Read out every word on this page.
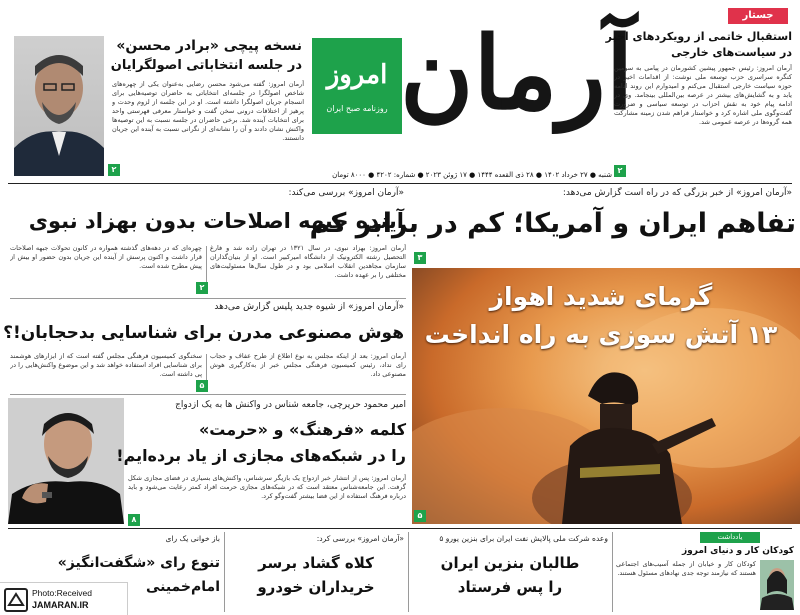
۲
نسخه پیچی «برادر محسن»
در جلسه انتخاباتی اصولگرایان
آرمان امروز: گفته می‌شود محسن رضایی به‌عنوان یکی از چهره‌های شاخص اصولگرا در جلسه‌ای انتخاباتی به حاضران توصیه‌هایی برای انسجام جریان اصولگرا داشته است. او در این جلسه از لزوم وحدت و پرهیز از اختلافات درونی سخن گفت و خواستار معرفی فهرستی واحد برای انتخابات آینده شد. برخی حاضران در جلسه نسبت به این توصیه‌ها واکنش نشان دادند و آن را نشانه‌ای از نگرانی نسبت به آینده این جریان دانستند.
امروز
روزنامه صبح ایران آرمان
شنبه ● ۲۷ خرداد ۱۴۰۲ ● ۲۸ ذی القعده ۱۴۴۴ ● ۱۷ ژوئن ۲۰۲۳ ● شماره: ۴۲۰۲ ● ۸۰۰۰ تومان
جستار
استقبال خاتمی از رویکردهای اخیر
در سیاست‌های خارجی
آرمان امروز: رئیس جمهور پیشین کشورمان در پیامی به سومین کنگره سراسری حزب توسعه ملی نوشت: از اقدامات اخیر در حوزه سیاست خارجی استقبال می‌کنم و امیدوارم این روند ادامه یابد و به گشایش‌های بیشتر در عرصه بین‌المللی بینجامد. وی در ادامه پیام خود به نقش احزاب در توسعه سیاسی و ضرورت گفت‌وگوی ملی اشاره کرد و خواستار فراهم شدن زمینه مشارکت همه گروه‌ها در عرصه عمومی شد.
۲
«آرمان امروز» از خبر بزرگی که در راه است گزارش می‌دهد:
تفاهم ایران و آمریکا؛ کم در برابر کم
۳
گرمای شدید اهواز
۱۳ آتش سوزی به راه انداخت
۵
«آرمان امروز» بررسی می‌کند:
آینده جبهه اصلاحات بدون بهزاد نبوی
آرمان امروز: بهزاد نبوی، در سال ۱۳۲۱ در تهران زاده شد و فارغ التحصیل رشته الکترونیک از دانشگاه امیرکبیر است. او از بنیان‌گذاران سازمان مجاهدین انقلاب اسلامی بود و در طول سال‌ها مسئولیت‌های مختلفی را بر عهده داشت.
چهره‌ای که در دهه‌های گذشته همواره در کانون تحولات جبهه اصلاحات قرار داشت و اکنون پرسش از آینده این جریان بدون حضور او بیش از پیش مطرح شده است.
۲
«آرمان امروز» از شیوه جدید پلیس گزارش می‌دهد
هوش مصنوعی مدرن برای شناسایی بدحجابان!؟
آرمان امروز: بعد از اینکه مجلس به نوع اطلاع از طرح عفاف و حجاب رای نداد، رئیس کمیسیون فرهنگی مجلس خبر از به‌کارگیری هوش مصنوعی داد.
سخنگوی کمیسیون فرهنگی مجلس گفته است که از ابزارهای هوشمند برای شناسایی افراد استفاده خواهد شد و این موضوع واکنش‌هایی را در پی داشته است.
۵
امیر محمود حریرچی، جامعه شناس در واکنش ها به یک ازدواج
کلمه «فرهنگ» و «حرمت»
را در شبکه‌های مجازی از یاد برده‌ایم!
آرمان امروز: پس از انتشار خبر ازدواج یک بازیگر سرشناس، واکنش‌های بسیاری در فضای مجازی شکل گرفت. این جامعه‌شناس معتقد است که در شبکه‌های مجازی حرمت افراد کمتر رعایت می‌شود و باید درباره فرهنگ استفاده از این فضا بیشتر گفت‌وگو کرد.
۸
یادداشت
کودکان کار و دنیای امروز
کودکان کار و خیابان از جمله آسیب‌های اجتماعی هستند که نیازمند توجه جدی نهادهای مسئول هستند.
وعده شرکت ملی پالایش نفت ایران برای بنزین یورو ۵
طالبان بنزین ایران
را پس فرستاد
«آرمان امروز» بررسی کرد:
کلاه گشاد برسر
خریداران خودرو
باز خوانی یک رای
تنوع رای «شگفت‌انگیز»
امام‌خمینی
Photo:Received
JAMARAN.IR
